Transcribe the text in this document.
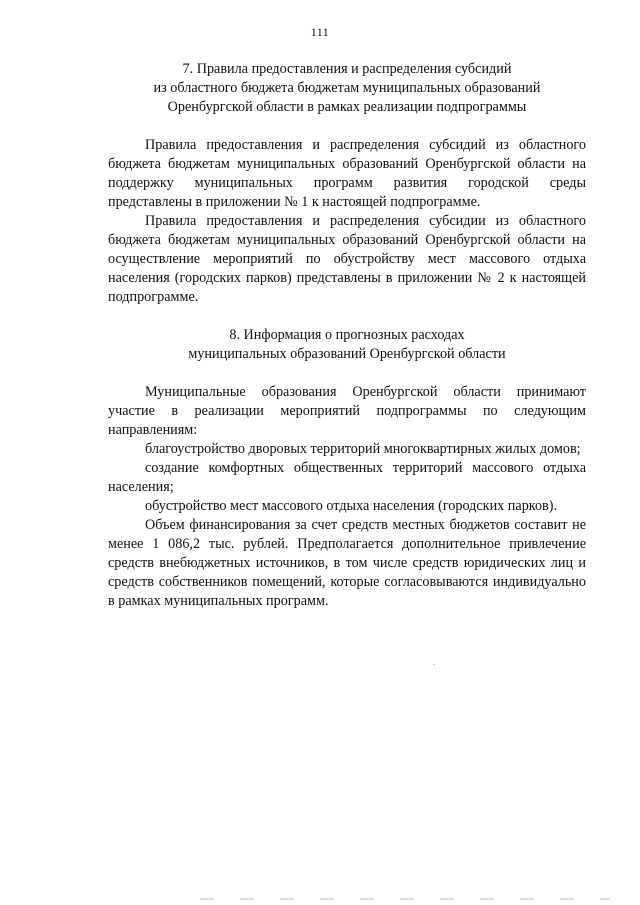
111
7. Правила предоставления и распределения субсидий
из областного бюджета бюджетам муниципальных образований
Оренбургской области в рамках реализации подпрограммы

Правила предоставления и распределения субсидий из областного бюджета бюджетам муниципальных образований Оренбургской области на поддержку муниципальных программ развития городской среды представлены в приложении № 1 к настоящей подпрограмме.

Правила предоставления и распределения субсидии из областного бюджета бюджетам муниципальных образований Оренбургской области на осуществление мероприятий по обустройству мест массового отдыха населения (городских парков) представлены в приложении № 2 к настоящей подпрограмме.

8. Информация о прогнозных расходах
муниципальных образований Оренбургской области

Муниципальные образования Оренбургской области принимают участие в реализации мероприятий подпрограммы по следующим направлениям:

благоустройство дворовых территорий многоквартирных жилых домов;

создание комфортных общественных территорий массового отдыха населения;

обустройство мест массового отдыха населения (городских парков).

Объем финансирования за счет средств местных бюджетов составит не менее 1 086,2 тыс. рублей. Предполагается дополнительное привлечение средств внебюджетных источников, в том числе средств юридических лиц и средств собственников помещений, которые согласовываются индивидуально в рамках муниципальных программ.
